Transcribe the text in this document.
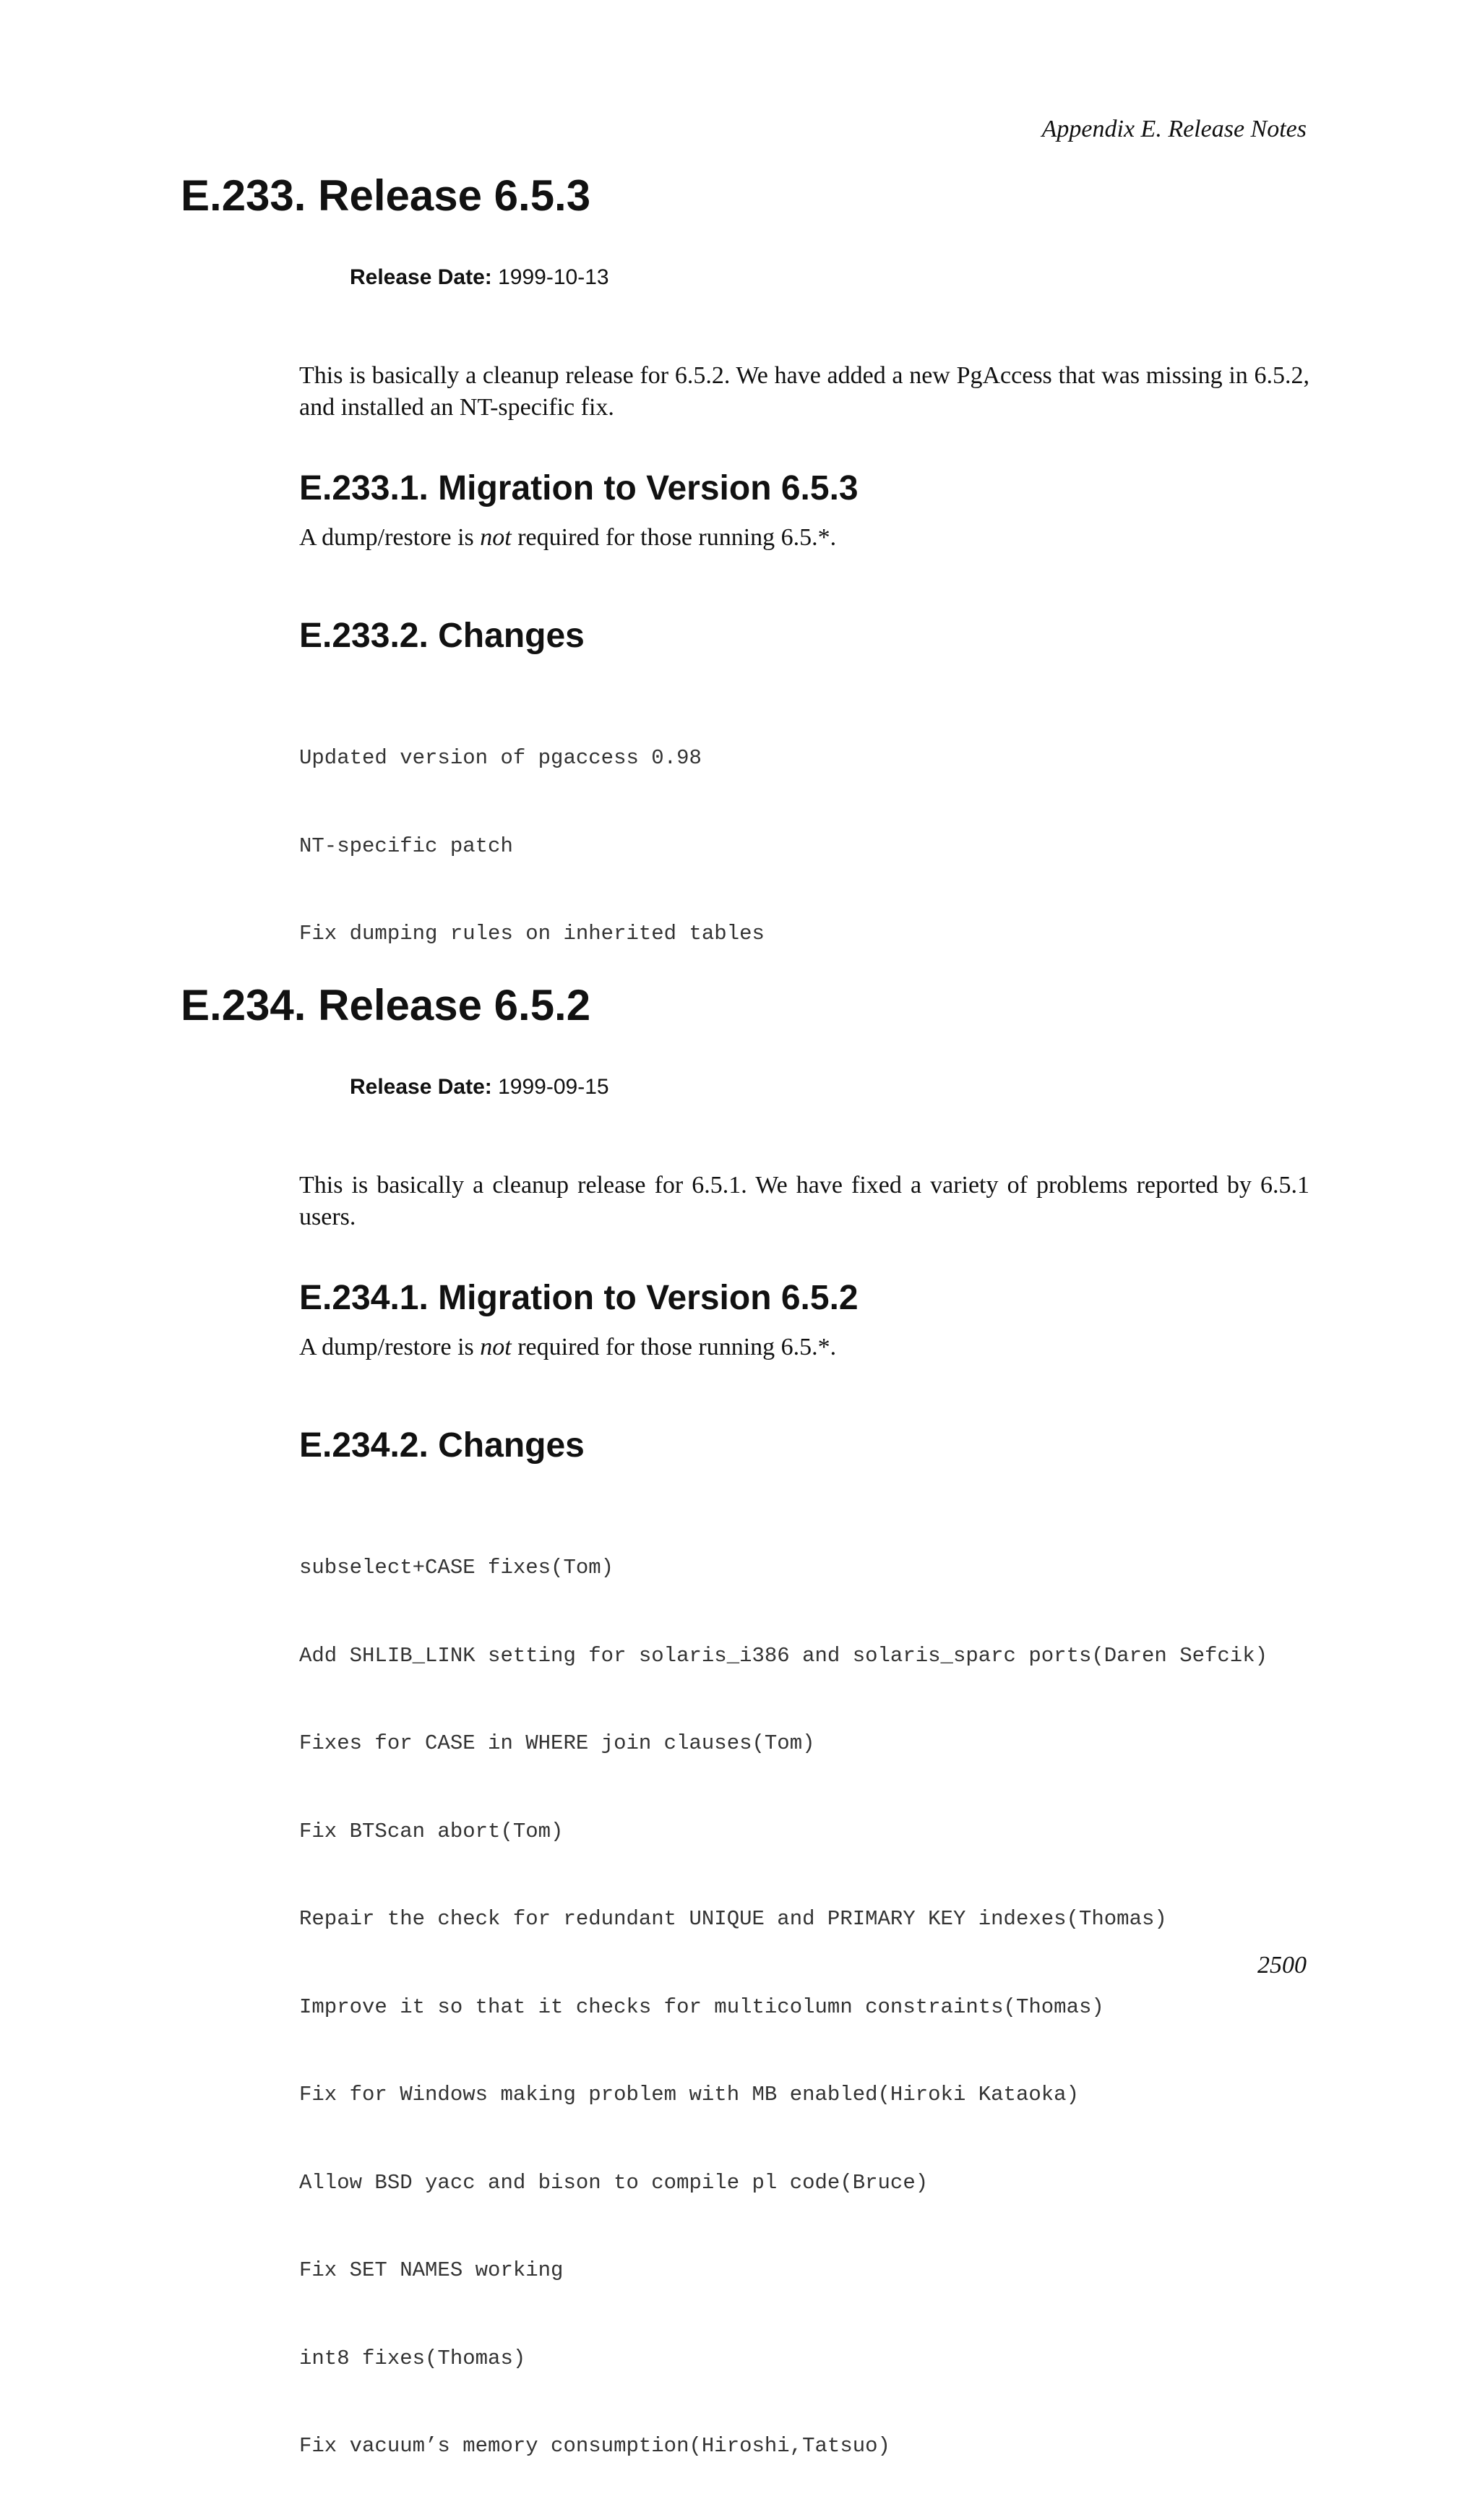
Appendix E. Release Notes
E.233. Release 6.5.3
Release Date: 1999-10-13

This is basically a cleanup release for 6.5.2. We have added a new PgAccess that was missing in 6.5.2, and installed an NT-specific fix.

E.233.1. Migration to Version 6.5.3

A dump/restore is not required for those running 6.5.*.

E.233.2. Changes

Updated version of pgaccess 0.98

NT-specific patch

Fix dumping rules on inherited tables

E.234. Release 6.5.2
Release Date: 1999-09-15

This is basically a cleanup release for 6.5.1. We have fixed a variety of problems reported by 6.5.1 users.

E.234.1. Migration to Version 6.5.2

A dump/restore is not required for those running 6.5.*.

E.234.2. Changes

subselect+CASE fixes(Tom)

Add SHLIB_LINK setting for solaris_i386 and solaris_sparc ports(Daren Sefcik)

Fixes for CASE in WHERE join clauses(Tom)

Fix BTScan abort(Tom)

Repair the check for redundant UNIQUE and PRIMARY KEY indexes(Thomas)

Improve it so that it checks for multicolumn constraints(Thomas)

Fix for Windows making problem with MB enabled(Hiroki Kataoka)

Allow BSD yacc and bison to compile pl code(Bruce)

Fix SET NAMES working

int8 fixes(Thomas)

Fix vacuum’s memory consumption(Hiroshi,Tatsuo)

2500
